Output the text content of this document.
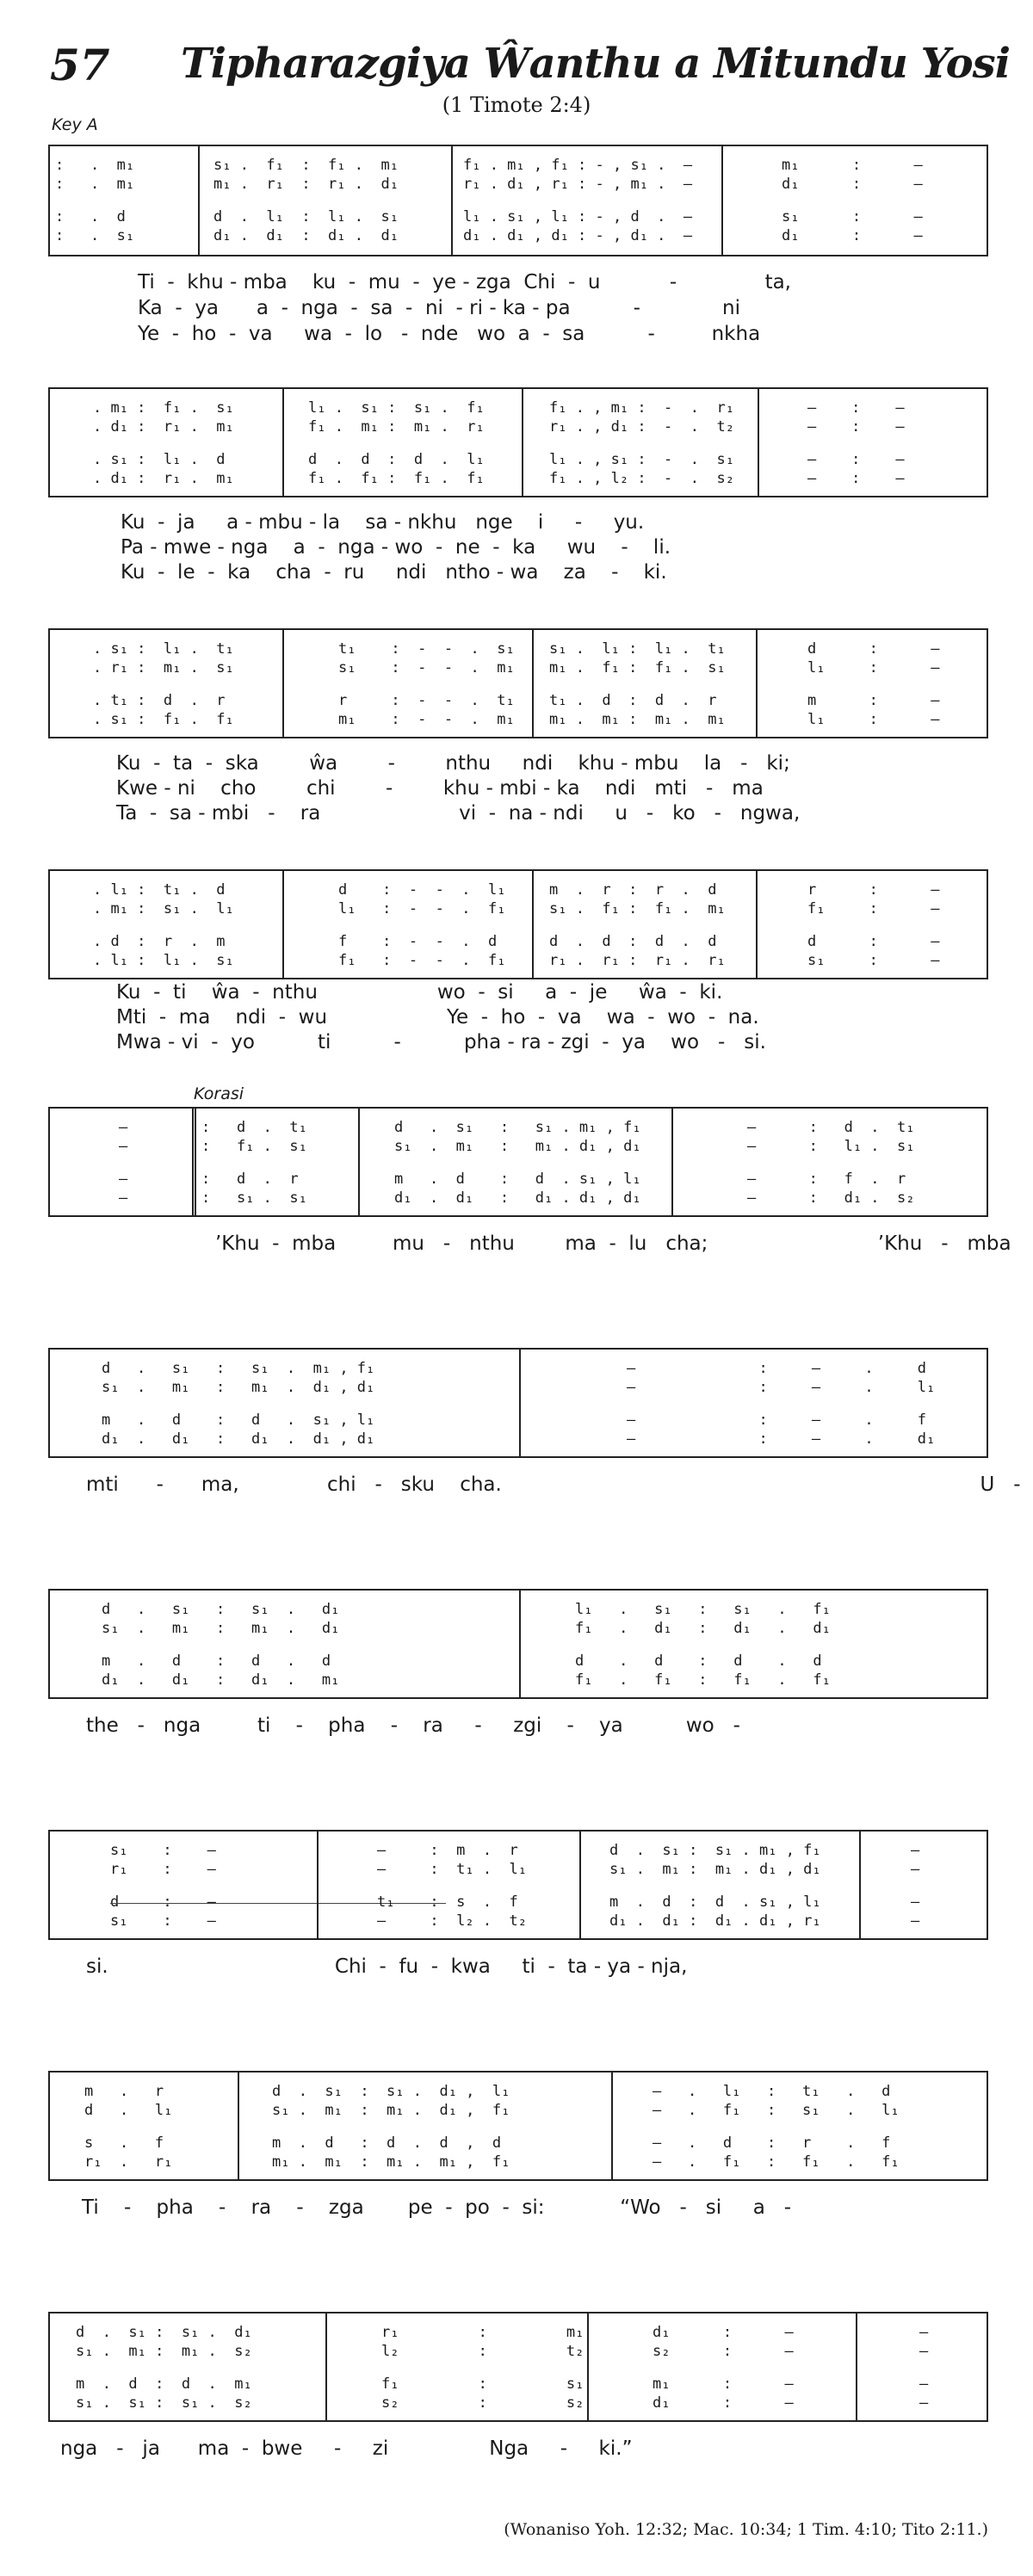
57 Tipharazgiya Ŵanthu a Mitundu Yosi
(1 Timote 2:4)
Key A
Korasi
:   .  m₁
:   .  m₁
:   .  d
:   .  s₁
s₁ .  f₁  :  f₁ .  m₁
m₁ .  r₁  :  r₁ .  d₁
d  .  l₁  :  l₁ .  s₁
d₁ .  d₁  :  d₁ .  d₁
f₁ . m₁ , f₁ : - , s₁ .  –
r₁ . d₁ , r₁ : - , m₁ .  –
l₁ . s₁ , l₁ : - , d  .  –
d₁ . d₁ , d₁ : - , d₁ .  –
m₁      :      —
d₁      :      —
s₁      :      —
d₁      :      —
Ti  -  khu - mba    ku  -  mu  -  ye - zga  Chi  -  u           -              ta,
Ka  -  ya      a  -  nga  -  sa  -  ni  - ri - ka - pa          -             ni
Ye  -  ho  -  va     wa  -  lo   -  nde   wo  a  -  sa          -         nkha
. m₁ :  f₁ .  s₁
. d₁ :  r₁ .  m₁
. s₁ :  l₁ .  d
. d₁ :  r₁ .  m₁
l₁ .  s₁ :  s₁ .  f₁
f₁ .  m₁ :  m₁ .  r₁
d  .  d  :  d  .  l₁
f₁ .  f₁ :  f₁ .  f₁
f₁ . , m₁ :  -  .  r₁
r₁ . , d₁ :  -  .  t₂
l₁ . , s₁ :  -  .  s₁
f₁ . , l₂ :  -  .  s₂
—    :    —
—    :    —
—    :    —
—    :    —
Ku  -  ja     a - mbu - la    sa - nkhu   nge    i     -     yu.
Pa - mwe - nga    a  -  nga - wo  -  ne  -  ka     wu    -    li.
Ku  -  le  -  ka    cha  -  ru     ndi   ntho - wa    za    -    ki.
. s₁ :  l₁ .  t₁
. r₁ :  m₁ .  s₁
. t₁ :  d  .  r
. s₁ :  f₁ .  f₁
t₁    :  -  -  .  s₁
s₁    :  -  -  .  m₁
r     :  -  -  .  t₁
m₁    :  -  -  .  m₁
s₁ .  l₁ :  l₁ .  t₁
m₁ .  f₁ :  f₁ .  s₁
t₁ .  d  :  d  .  r
m₁ .  m₁ :  m₁ .  m₁
d      :      —
l₁     :      —
m      :      —
l₁     :      —
Ku  -  ta  -  ska        ŵa        -        nthu     ndi    khu - mbu    la   -   ki;
Kwe - ni    cho        chi        -        khu - mbi - ka    ndi   mti   -   ma
Ta  -  sa - mbi   -    ra                      vi  -  na - ndi     u   -   ko   -   ngwa,
. l₁ :  t₁ .  d
. m₁ :  s₁ .  l₁
. d  :  r  .  m
. l₁ :  l₁ .  s₁
d    :  -  -  .  l₁
l₁   :  -  -  .  f₁
f    :  -  -  .  d
f₁   :  -  -  .  f₁
m  .  r  :  r  .  d
s₁ .  f₁ :  f₁ .  m₁
d  .  d  :  d  .  d
r₁ .  r₁ :  r₁ .  r₁
r      :      —
f₁     :      —
d      :      —
s₁     :      —
Ku  -  ti    ŵa  -  nthu                   wo  -  si     a  -  je     ŵa  -  ki.
Mti  -  ma    ndi  -  wu                   Ye  -  ho  -  va    wa  -  wo  -  na.
Mwa - vi  -  yo          ti          -          pha - ra - zgi  -  ya    wo   -   si.
—
—
—
—
:   d  .  t₁
:   f₁ .  s₁
:   d  .  r
:   s₁ .  s₁
d   .  s₁   :   s₁ . m₁ , f₁
s₁  .  m₁   :   m₁ . d₁ , d₁
m   .  d    :   d  . s₁ , l₁
d₁  .  d₁   :   d₁ . d₁ , d₁
—      :   d  .  t₁
—      :   l₁ .  s₁
—      :   f  .  r
—      :   d₁ .  s₂
’Khu  -  mba         mu   -   nthu        ma  -  lu   cha;                           ’Khu   -   mba
d   .   s₁   :   s₁  .  m₁ , f₁
s₁  .   m₁   :   m₁  .  d₁ , d₁
m   .   d    :   d   .  s₁ , l₁
d₁  .   d₁   :   d₁  .  d₁ , d₁
—              :     –     .     d
—              :     –     .     l₁
—              :     –     .     f
—              :     –     .     d₁
mti      -      ma,              chi   -   sku    cha.                                                                            U   -
d   .   s₁   :   s₁  .   d₁
s₁  .   m₁   :   m₁  .   d₁
m   .   d    :   d   .   d
d₁  .   d₁   :   d₁  .   m₁
l₁   .   s₁   :   s₁   .   f₁
f₁   .   d₁   :   d₁   .   d₁
d    .   d    :   d    .   d
f₁   .   f₁   :   f₁   .   f₁
the   -   nga         ti    -    pha    -    ra     -     zgi    -    ya          wo   -
s₁    :    —
r₁    :    —
d     :    —
s₁    :    —
—     :  m  .  r
—     :  t₁ .  l₁
t₁    :  s  .  f
—     :  l₂ .  t₂
d  .  s₁ :  s₁ . m₁ , f₁
s₁ .  m₁ :  m₁ . d₁ , d₁
m  .  d  :  d  . s₁ , l₁
d₁ .  d₁ :  d₁ . d₁ , r₁
—
—
—
—
si.                                    Chi  -  fu  -  kwa     ti  -  ta - ya - nja,
m   .   r
d   .   l₁
s   .   f
r₁  .   r₁
d  .  s₁  :  s₁ .  d₁ ,  l₁
s₁ .  m₁  :  m₁ .  d₁ ,  f₁
m  .  d   :  d  .  d  ,  d
m₁ .  m₁  :  m₁ .  m₁ ,  f₁
–   .   l₁   :   t₁   .   d
–   .   f₁   :   s₁   .   l₁
–   .   d    :   r    .   f
–   .   f₁   :   f₁   .   f₁
Ti    -    pha    -    ra    -    zga       pe  -  po  -  si:            “Wo   -   si     a   -
d  .  s₁ :  s₁ .  d₁
s₁ .  m₁ :  m₁ .  s₂
m  .  d  :  d  .  m₁
s₁ .  s₁ :  s₁ .  s₂
r₁         :         m₁
l₂         :         t₂
f₁         :         s₁
s₂         :         s₂
d₁      :      —
s₂      :      —
m₁      :      —
d₁      :      —
—
—
—
—
nga   -   ja      ma  -  bwe     -     zi                Nga     -     ki.”
(Wonaniso Yoh. 12:32; Mac. 10:34; 1 Tim. 4:10; Tito 2:11.)
